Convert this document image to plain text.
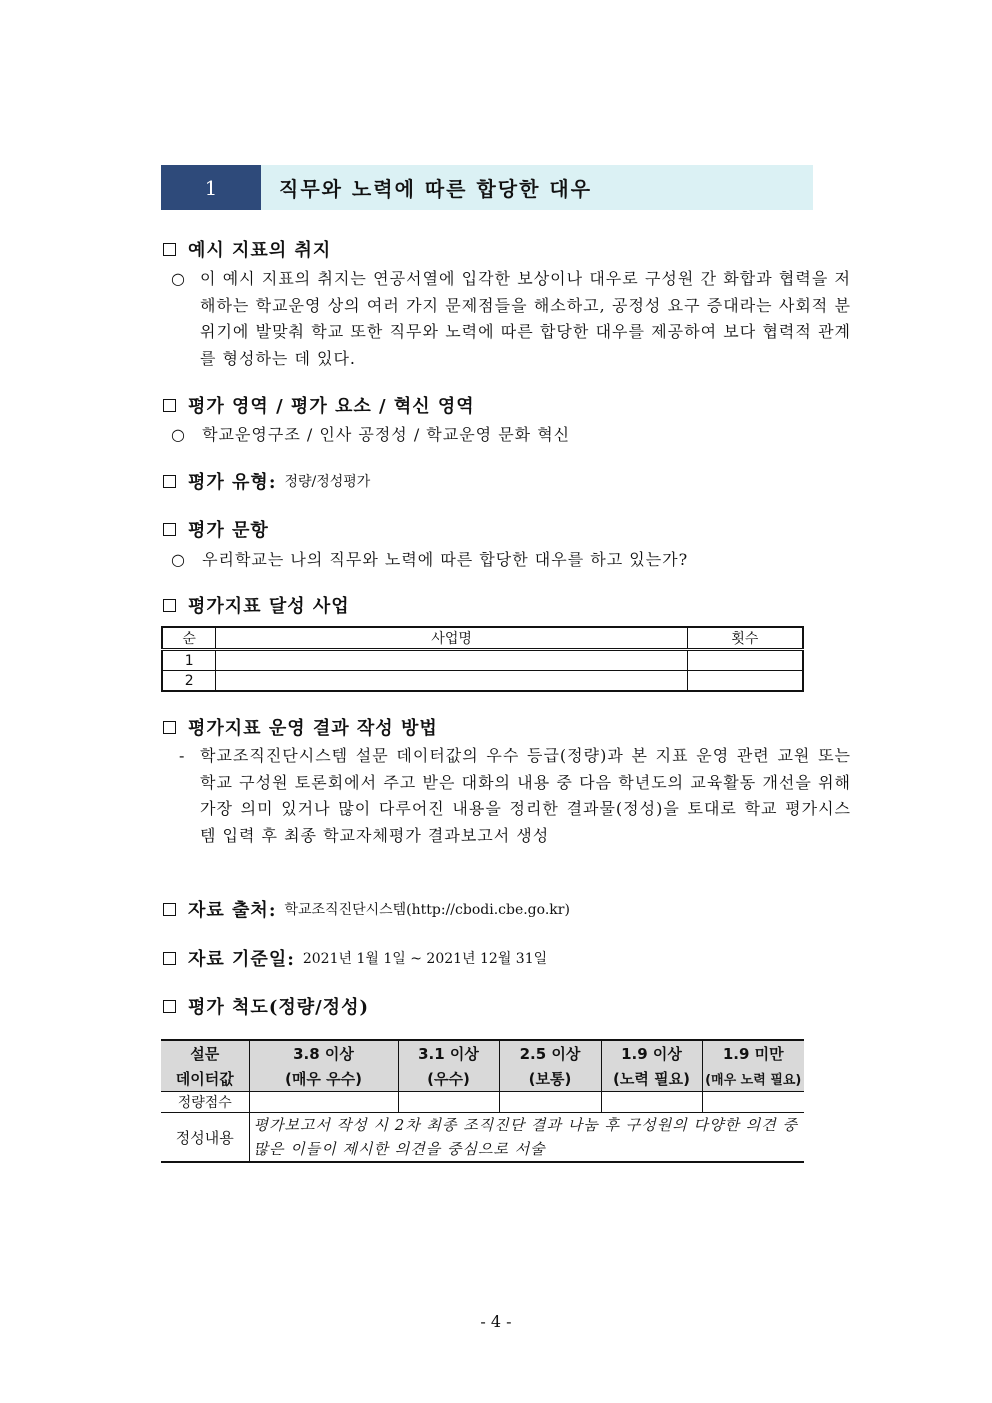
1	직무와 노력에 따른 합당한 대우
예시 지표의 취지
○ 이 예시 지표의 취지는 연공서열에 입각한 보상이나 대우로 구성원 간 화합과 협력을 저해하는 학교운영 상의 여러 가지 문제점들을 해소하고, 공정성 요구 증대라는 사회적 분위기에 발맞춰 학교 또한 직무와 노력에 따른 합당한 대우를 제공하여 보다 협력적 관계를 형성하는 데 있다.
평가 영역 / 평가 요소 / 혁신 영역
○ 학교운영구조 / 인사 공정성 / 학교운영 문화 혁신
평가 유형: 정량/정성평가
평가 문항
○ 우리학교는 나의 직무와 노력에 따른 합당한 대우를 하고 있는가?
평가지표 달성 사업
순	사업명	횟수
1		
2		
평가지표 운영 결과 작성 방법
- 학교조직진단시스템 설문 데이터값의 우수 등급(정량)과 본 지표 운영 관련 교원 또는 학교 구성원 토론회에서 주고 받은 대화의 내용 중 다음 학년도의 교육활동 개선을 위해 가장 의미 있거나 많이 다루어진 내용을 정리한 결과물(정성)을 토대로 학교 평가시스템 입력 후 최종 학교자체평가 결과보고서 생성
자료 출처: 학교조직진단시스템(http://cbodi.cbe.go.kr)
자료 기준일: 2021년 1월 1일 ~ 2021년 12월 31일
평가 척도(정량/정성)
설문	3.8 이상	3.1 이상	2.5 이상	1.9 이상	1.9 미만
데이터값	(매우 우수)	(우수)	(보통)	(노력 필요)	(매우 노력 필요)
정량점수					
정성내용	평가보고서 작성 시 2차 최종 조직진단 결과 나눔 후 구성원의 다양한 의견 중 많은 이들이 제시한 의견을 중심으로 서술				
- 4 -
